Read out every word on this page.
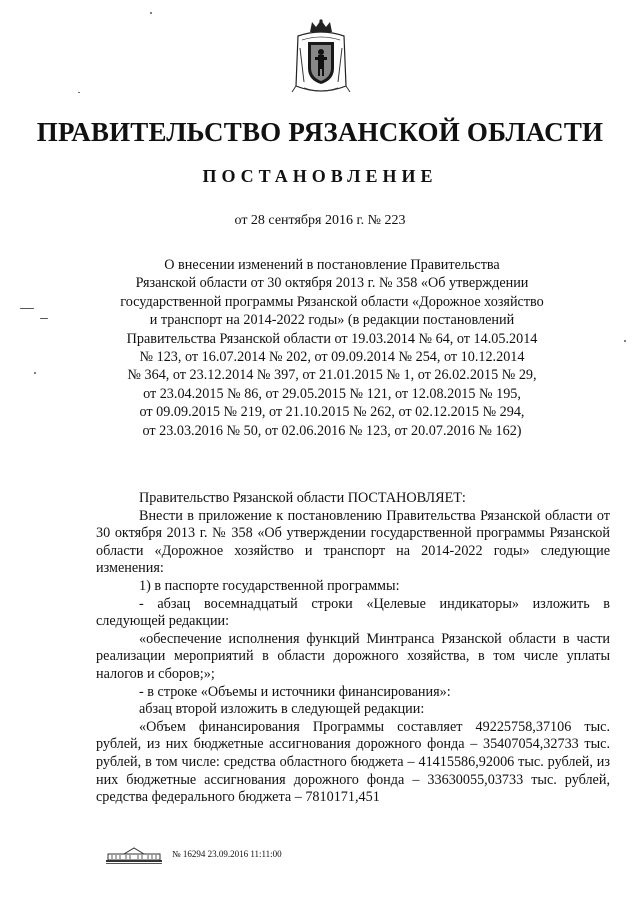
ПРАВИТЕЛЬСТВО РЯЗАНСКОЙ ОБЛАСТИ
ПОСТАНОВЛЕНИЕ
от 28 сентября 2016 г. № 223
О внесении изменений в постановление Правительства
Рязанской области от 30 октября 2013 г. № 358 «Об утверждении
государственной программы Рязанской области «Дорожное хозяйство
и транспорт на 2014-2022 годы» (в редакции постановлений
Правительства Рязанской области от 19.03.2014 № 64, от 14.05.2014
№ 123, от 16.07.2014 № 202, от 09.09.2014 № 254, от 10.12.2014
№ 364, от 23.12.2014 № 397, от 21.01.2015 № 1, от 26.02.2015 № 29,
от 23.04.2015 № 86, от 29.05.2015 № 121, от 12.08.2015 № 195,
от 09.09.2015 № 219, от 21.10.2015 № 262, от 02.12.2015 № 294,
от 23.03.2016 № 50, от 02.06.2016 № 123, от 20.07.2016 № 162)
Правительство Рязанской области ПОСТАНОВЛЯЕТ:
Внести в приложение к постановлению Правительства Рязанской области от 30 октября 2013 г. № 358 «Об утверждении государственной программы Рязанской области «Дорожное хозяйство и транспорт на 2014-2022 годы» следующие изменения:
1) в паспорте государственной программы:
- абзац восемнадцатый строки «Целевые индикаторы» изложить в следующей редакции:
«обеспечение исполнения функций Минтранса Рязанской области в части реализации мероприятий в области дорожного хозяйства, в том числе уплаты налогов и сборов;»;
- в строке «Объемы и источники финансирования»:
абзац второй изложить в следующей редакции:
«Объем финансирования Программы составляет 49225758,37106 тыс. рублей, из них бюджетные ассигнования дорожного фонда – 35407054,32733 тыс. рублей, в том числе: средства областного бюджета – 41415586,92006 тыс. рублей, из них бюджетные ассигнования дорожного фонда – 33630055,03733 тыс. рублей, средства федерального бюджета – 7810171,451
№ 16294 23.09.2016 11:11:00
